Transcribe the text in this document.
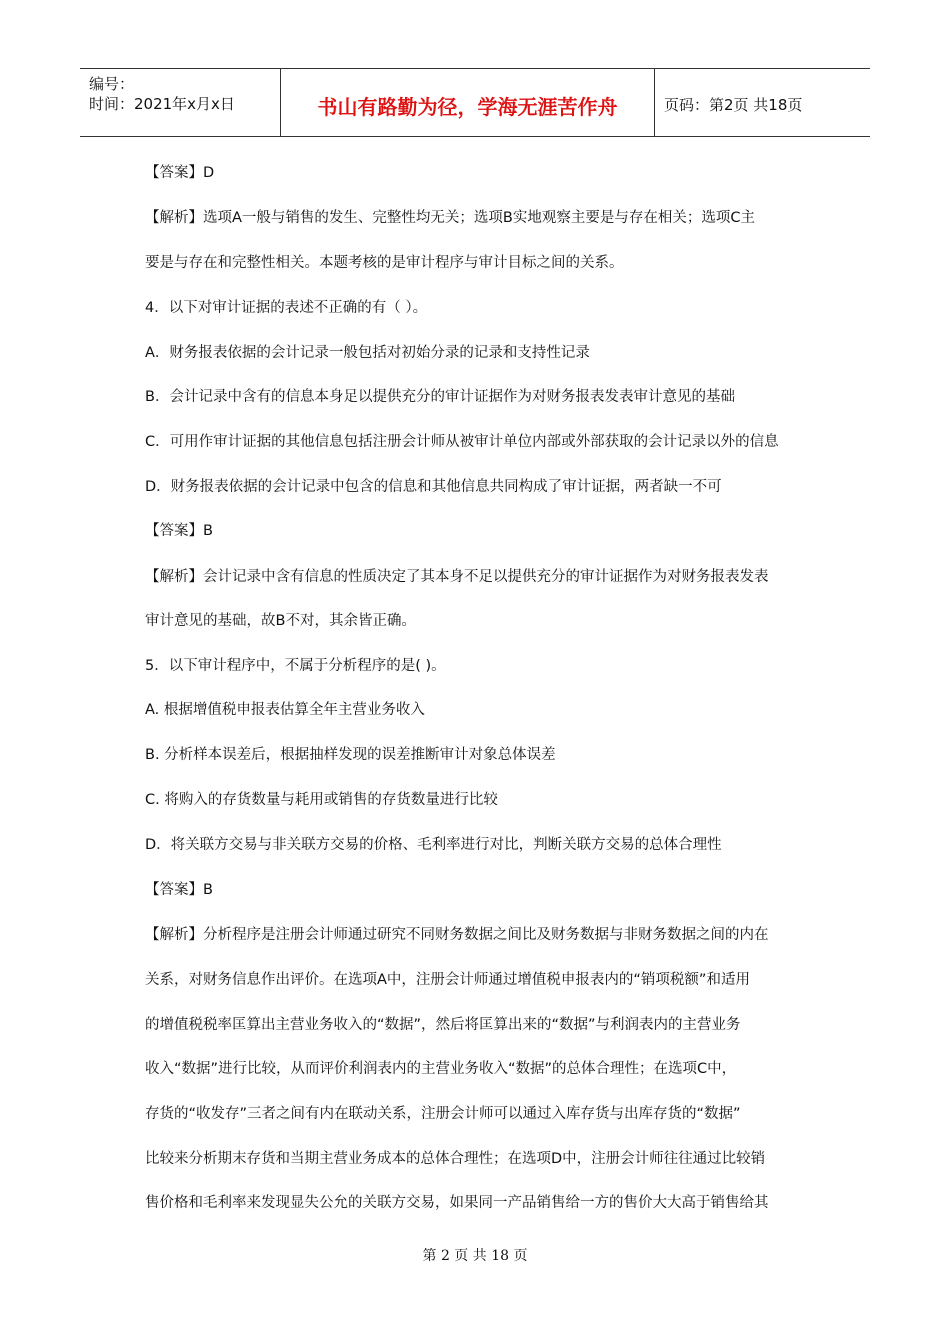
编号：
时间：2021年x月x日	书山有路勤为径，学海无涯苦作舟	页码：第2页 共18页
【答案】D
【解析】选项A一般与销售的发生、完整性均无关；选项B实地观察主要是与存在相关；选项C主
要是与存在和完整性相关。本题考核的是审计程序与审计目标之间的关系。
4．以下对审计证据的表述不正确的有（ ）。
A．财务报表依据的会计记录一般包括对初始分录的记录和支持性记录
B．会计记录中含有的信息本身足以提供充分的审计证据作为对财务报表发表审计意见的基础
C．可用作审计证据的其他信息包括注册会计师从被审计单位内部或外部获取的会计记录以外的信息
D．财务报表依据的会计记录中包含的信息和其他信息共同构成了审计证据，两者缺一不可
【答案】B
【解析】会计记录中含有信息的性质决定了其本身不足以提供充分的审计证据作为对财务报表发表
审计意见的基础，故B不对，其余皆正确。
5．以下审计程序中，不属于分析程序的是( )。
A. 根据增值税申报表估算全年主营业务收入
B. 分析样本误差后，根据抽样发现的误差推断审计对象总体误差
C. 将购入的存货数量与耗用或销售的存货数量进行比较
D．将关联方交易与非关联方交易的价格、毛利率进行对比，判断关联方交易的总体合理性
【答案】B
【解析】分析程序是注册会计师通过研究不同财务数据之间比及财务数据与非财务数据之间的内在
关系，对财务信息作出评价。在选项A中，注册会计师通过增值税申报表内的“销项税额”和适用
的增值税税率匡算出主营业务收入的“数据”，然后将匡算出来的“数据”与利润表内的主营业务
收入“数据”进行比较，从而评价利润表内的主营业务收入“数据”的总体合理性；在选项C中，
存货的“收发存”三者之间有内在联动关系，注册会计师可以通过入库存货与出库存货的“数据”
比较来分析期末存货和当期主营业务成本的总体合理性；在选项D中，注册会计师往往通过比较销
售价格和毛利率来发现显失公允的关联方交易，如果同一产品销售给一方的售价大大高于销售给其
第 2 页 共 18 页
